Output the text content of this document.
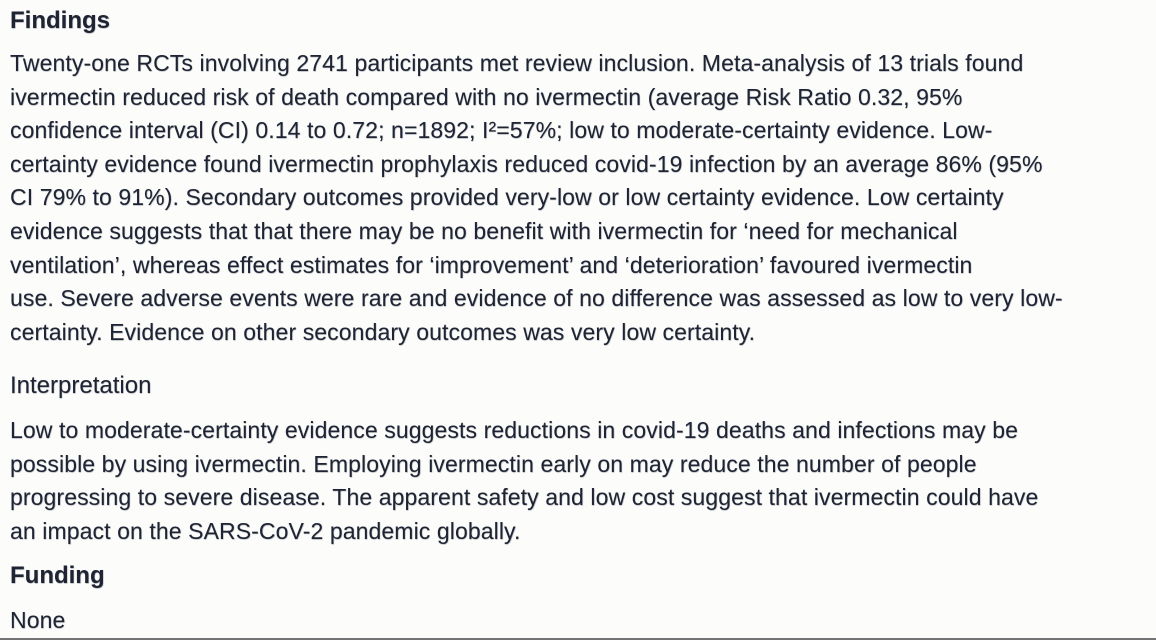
Findings
Twenty-one RCTs involving 2741 participants met review inclusion. Meta-analysis of 13 trials found
ivermectin reduced risk of death compared with no ivermectin (average Risk Ratio 0.32, 95%
confidence interval (CI) 0.14 to 0.72; n=1892; I²=57%; low to moderate-certainty evidence. Low-
certainty evidence found ivermectin prophylaxis reduced covid-19 infection by an average 86% (95%
CI 79% to 91%). Secondary outcomes provided very-low or low certainty evidence. Low certainty
evidence suggests that that there may be no benefit with ivermectin for ‘need for mechanical
ventilation’, whereas effect estimates for ‘improvement’ and ‘deterioration’ favoured ivermectin
use. Severe adverse events were rare and evidence of no difference was assessed as low to very low-
certainty. Evidence on other secondary outcomes was very low certainty.
Interpretation
Low to moderate-certainty evidence suggests reductions in covid-19 deaths and infections may be
possible by using ivermectin. Employing ivermectin early on may reduce the number of people
progressing to severe disease. The apparent safety and low cost suggest that ivermectin could have
an impact on the SARS-CoV-2 pandemic globally.
Funding
None
